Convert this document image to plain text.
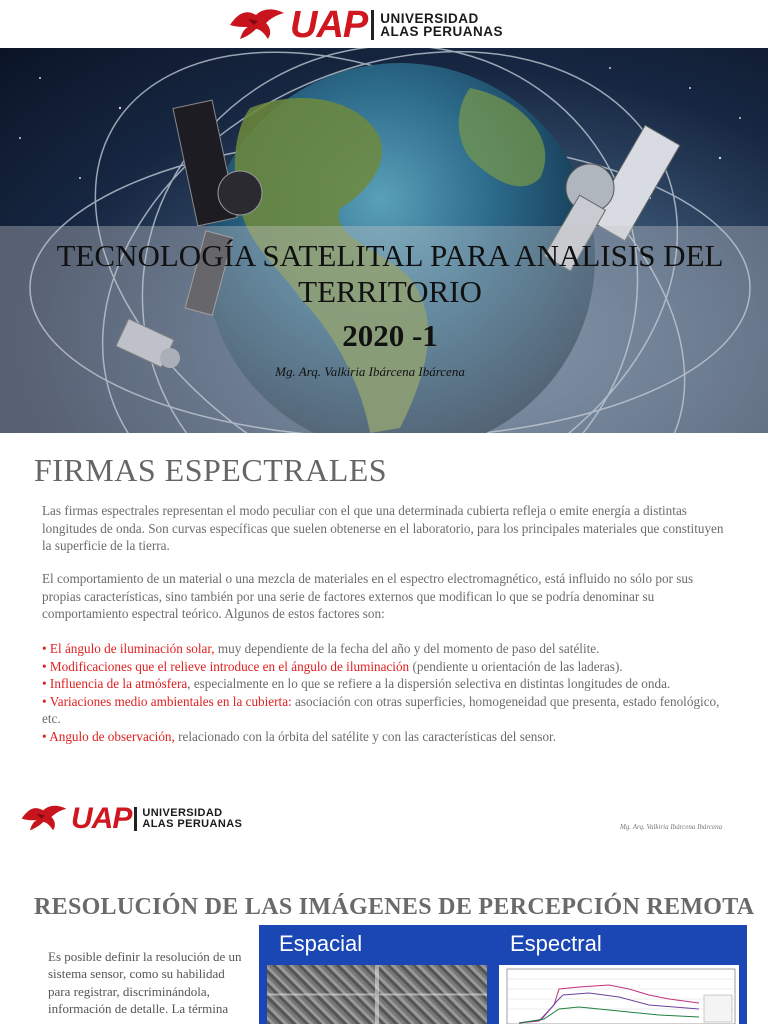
UAP UNIVERSIDAD
ALAS PERUANAS
TECNOLOGÍA SATELITAL PARA ANALISIS DEL TERRITORIO
2020 -1
Mg. Arq. Valkiria Ibárcena Ibárcena
FIRMAS ESPECTRALES
Las firmas espectrales representan el modo peculiar con el que una determinada cubierta refleja o emite energía a distintas longitudes de onda. Son curvas específicas que suelen obtenerse en el laboratorio, para los principales materiales que constituyen la superficie de la tierra.
El comportamiento de un material o una mezcla de materiales en el espectro electromagnético, está influido no sólo por sus propias características, sino también por una serie de factores externos que modifican lo que se podría denominar su comportamiento espectral teórico. Algunos de estos factores son:

• El ángulo de iluminación solar, muy dependiente de la fecha del año y del momento de paso del satélite.

• Modificaciones que el relieve introduce en el ángulo de iluminación (pendiente u orientación de las laderas).

• Influencia de la atmósfera, especialmente en lo que se refiere a la dispersión selectiva en distintas longitudes de onda.

• Variaciones medio ambientales en la cubierta: asociación con otras superficies, homogeneidad que presenta, estado fenológico, etc.

• Angulo de observación, relacionado con la órbita del satélite y con las características del sensor.

UAP UNIVERSIDAD
ALAS PERUANAS	Mg. Arq. Valkiria Ibárcena Ibárcena
RESOLUCIÓN DE LAS IMÁGENES DE PERCEPCIÓN REMOTA
Es posible definir la resolución de un sistema sensor, como su habilidad para registrar, discriminándola, información de detalle. La términa
Espacial	Espectral
